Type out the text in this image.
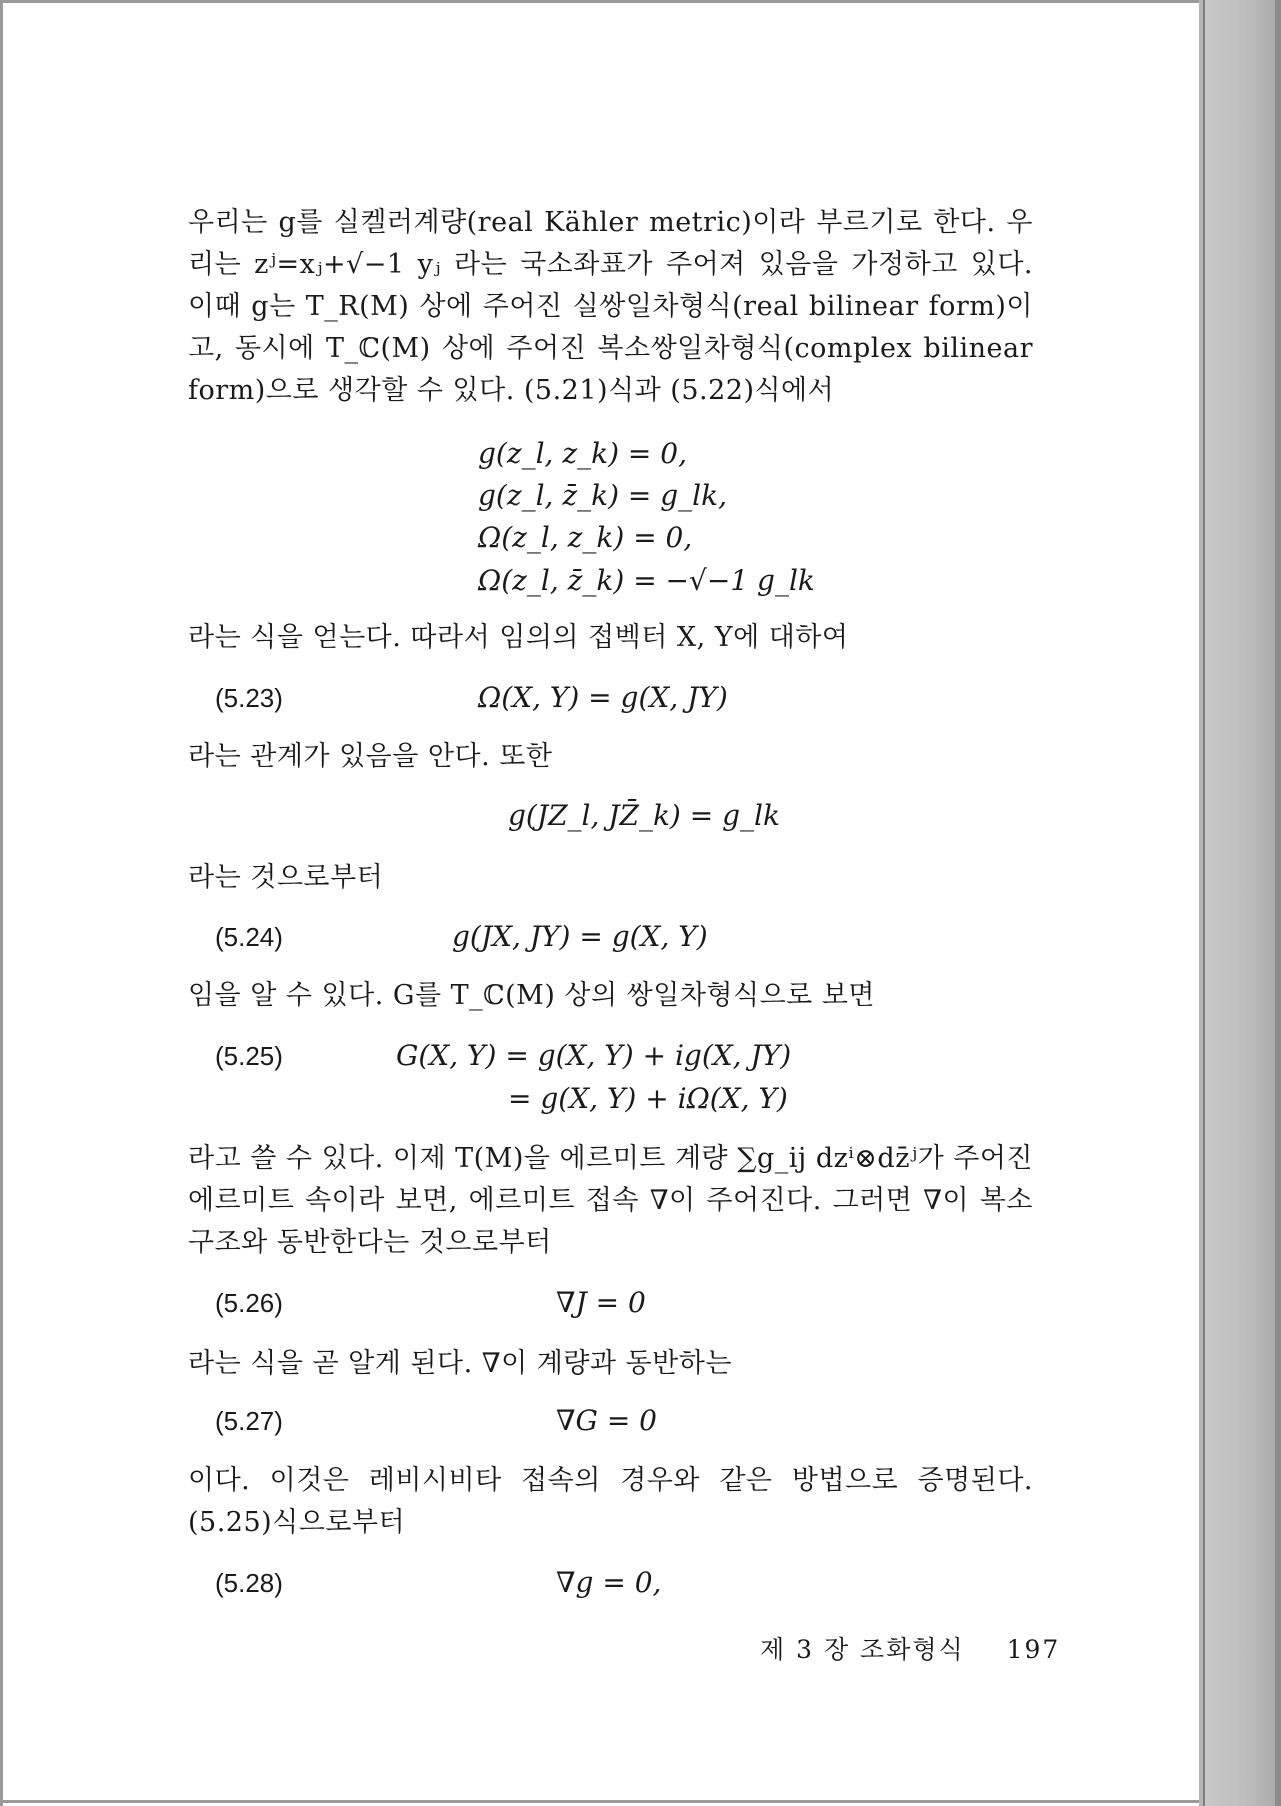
우리는 g를 실켈러계량(real Kähler metric)이라 부르기로 한다. 우리는 zʲ=xⱼ+√−1 yⱼ 라는 국소좌표가 주어져 있음을 가정하고 있다. 이때 g는 T_R(M) 상에 주어진 실쌍일차형식(real bilinear form)이고, 동시에 T_ℂ(M) 상에 주어진 복소쌍일차형식(complex bilinear form)으로 생각할 수 있다. (5.21)식과 (5.22)식에서
g(z_l, z_k) = 0,
g(z_l, z̄_k) = g_lk,
Ω(z_l, z_k) = 0,
Ω(z_l, z̄_k) = −√−1 g_lk
라는 식을 얻는다. 따라서 임의의 접벡터 X, Y에 대하여
(5.23)	Ω(X, Y) = g(X, JY)
라는 관계가 있음을 안다. 또한
g(JZ_l, JZ̄_k) = g_lk
라는 것으로부터
(5.24)	g(JX, JY) = g(X, Y)
임을 알 수 있다. G를 T_ℂ(M) 상의 쌍일차형식으로 보면
(5.25)	G(X, Y) = g(X, Y) + ig(X, JY)
= g(X, Y) + iΩ(X, Y)
라고 쓸 수 있다. 이제 T(M)을 에르미트 계량 ∑g_ij dzⁱ⊗dz̄ʲ가 주어진 에르미트 속이라 보면, 에르미트 접속 ∇이 주어진다. 그러면 ∇이 복소구조와 동반한다는 것으로부터
(5.26)	∇J = 0
라는 식을 곧 알게 된다. ∇이 계량과 동반하는
(5.27)	∇G = 0
이다. 이것은 레비시비타 접속의 경우와 같은 방법으로 증명된다. (5.25)식으로부터
(5.28)	∇g = 0,
제 3 장 조화형식 197
